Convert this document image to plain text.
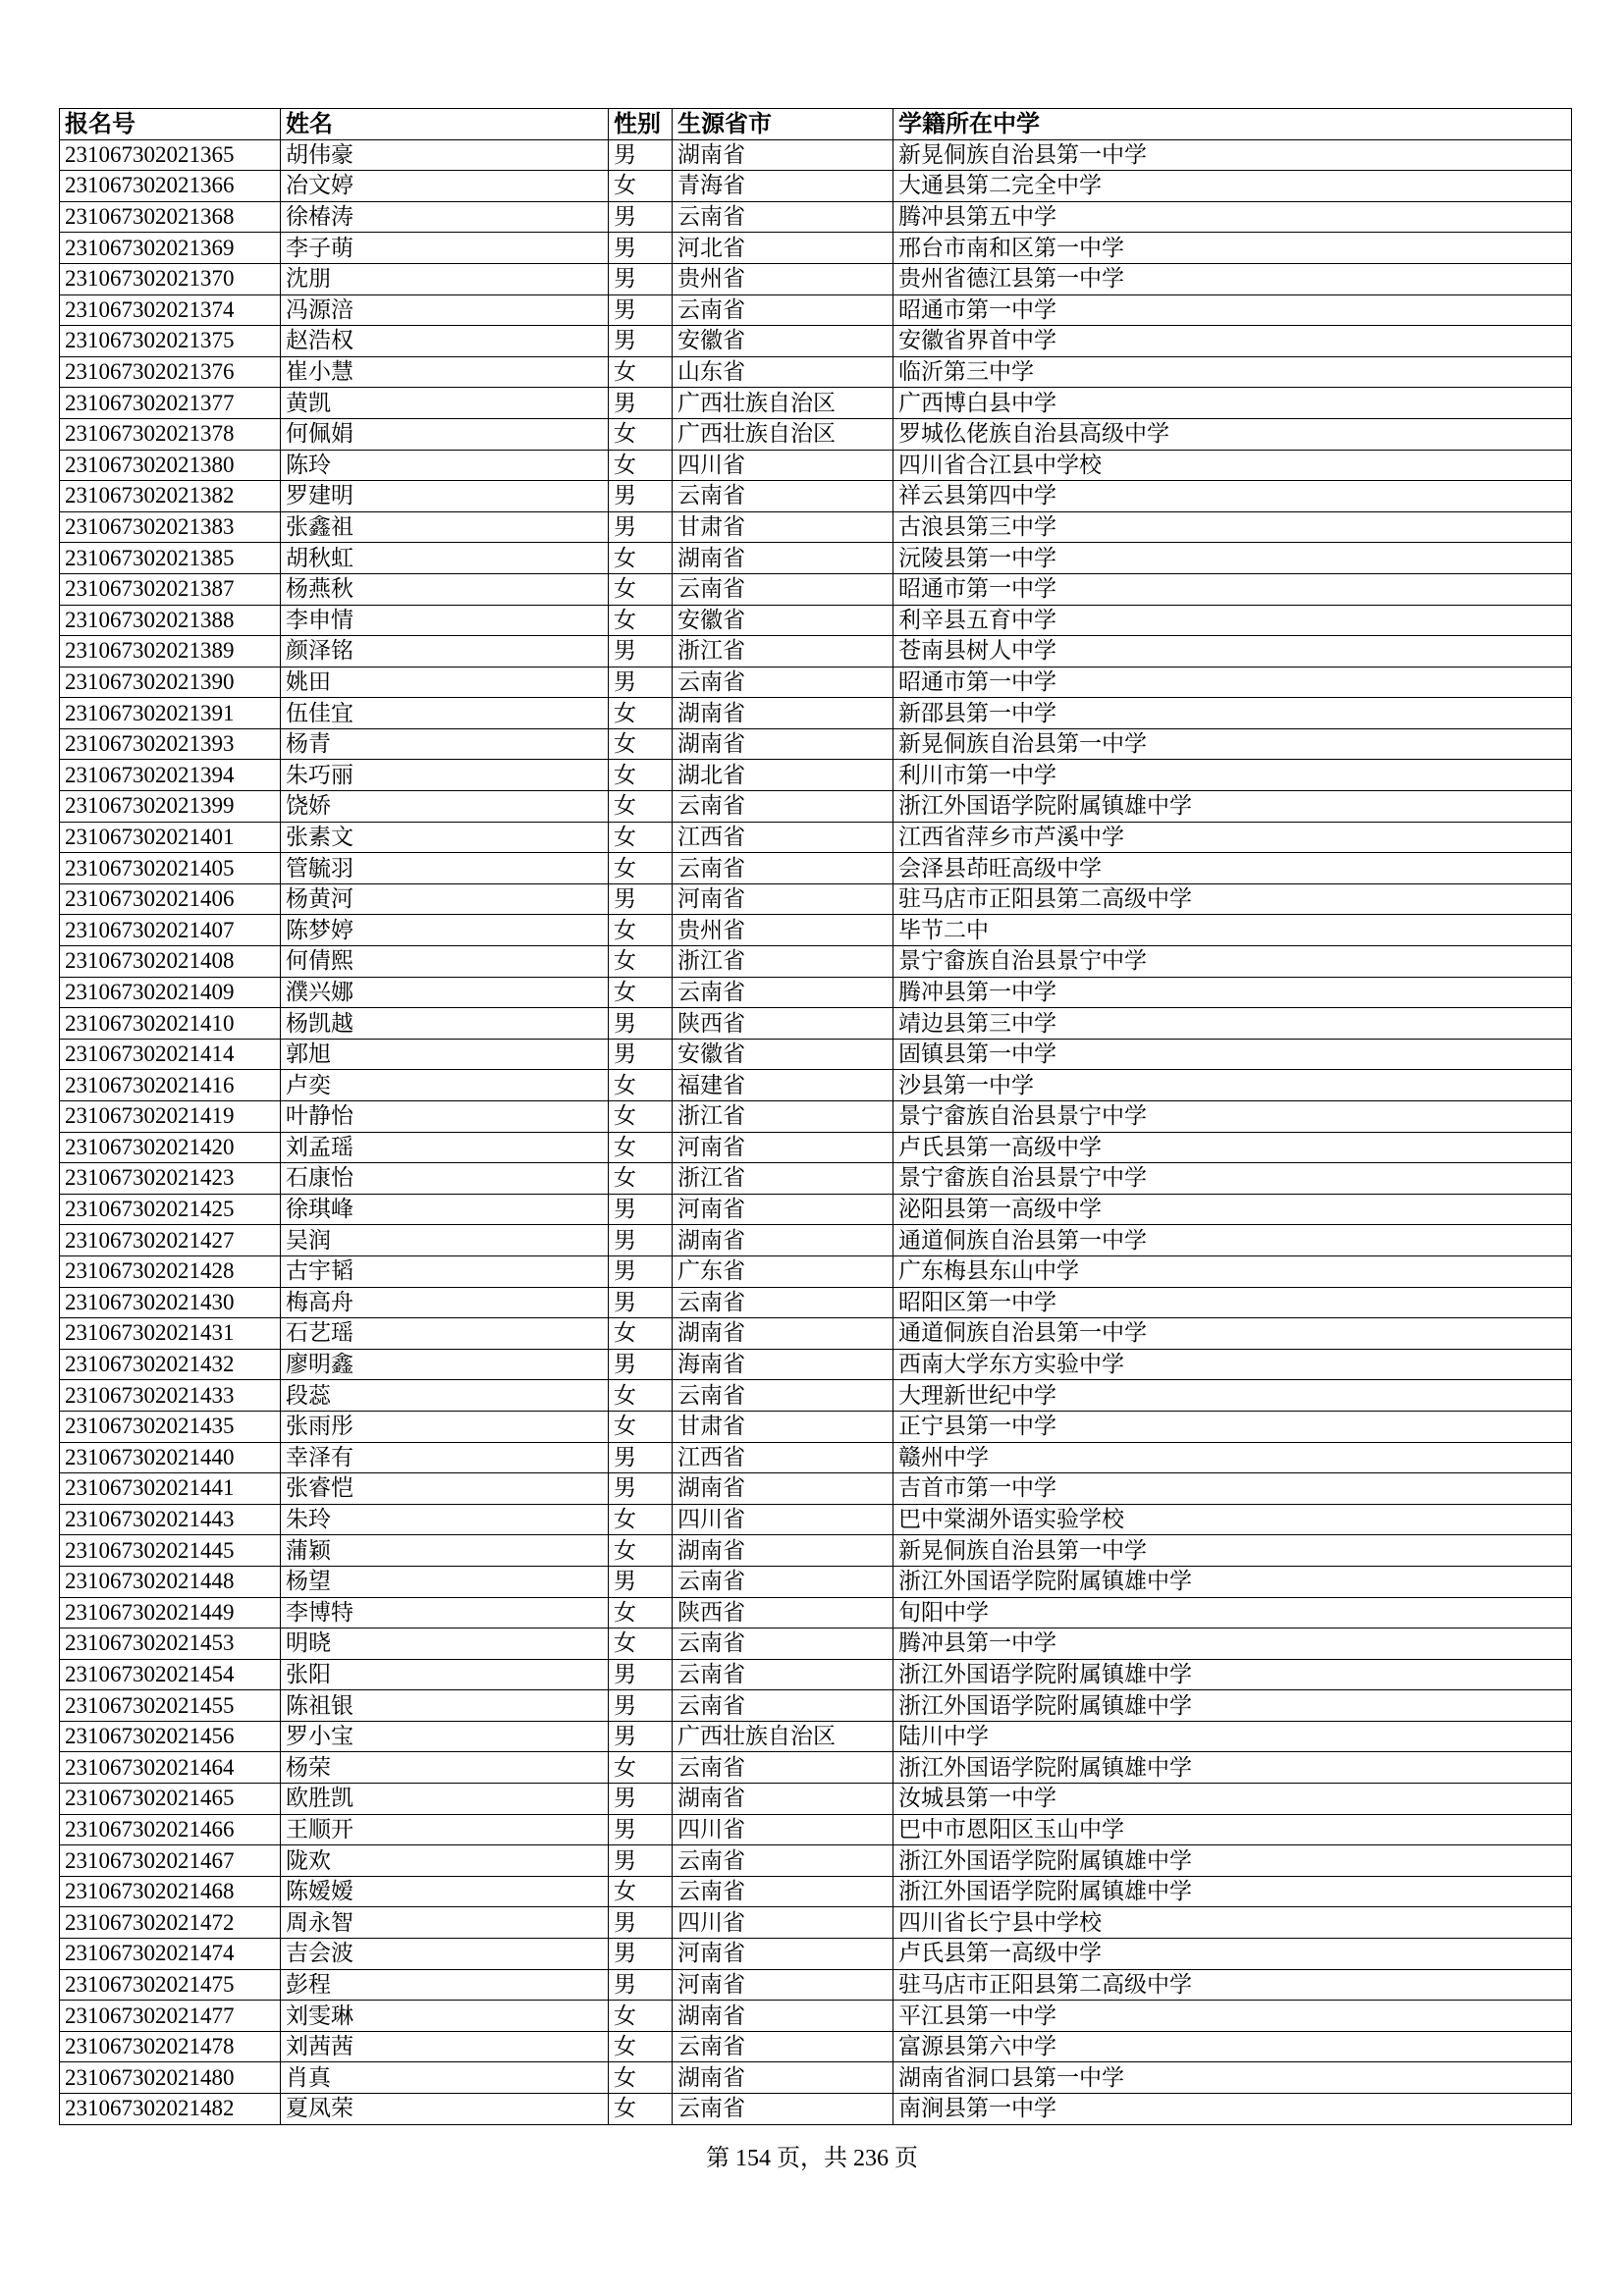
报名号	姓名	性别	生源省市	学籍所在中学
231067302021365	胡伟豪	男	湖南省	新晃侗族自治县第一中学
231067302021366	冶文婷	女	青海省	大通县第二完全中学
231067302021368	徐椿涛	男	云南省	腾冲县第五中学
231067302021369	李子萌	男	河北省	邢台市南和区第一中学
231067302021370	沈朋	男	贵州省	贵州省德江县第一中学
231067302021374	冯源涪	男	云南省	昭通市第一中学
231067302021375	赵浩权	男	安徽省	安徽省界首中学
231067302021376	崔小慧	女	山东省	临沂第三中学
231067302021377	黄凯	男	广西壮族自治区	广西博白县中学
231067302021378	何佩娟	女	广西壮族自治区	罗城仫佬族自治县高级中学
231067302021380	陈玲	女	四川省	四川省合江县中学校
231067302021382	罗建明	男	云南省	祥云县第四中学
231067302021383	张鑫祖	男	甘肃省	古浪县第三中学
231067302021385	胡秋虹	女	湖南省	沅陵县第一中学
231067302021387	杨燕秋	女	云南省	昭通市第一中学
231067302021388	李申情	女	安徽省	利辛县五育中学
231067302021389	颜泽铭	男	浙江省	苍南县树人中学
231067302021390	姚田	男	云南省	昭通市第一中学
231067302021391	伍佳宜	女	湖南省	新邵县第一中学
231067302021393	杨青	女	湖南省	新晃侗族自治县第一中学
231067302021394	朱巧丽	女	湖北省	利川市第一中学
231067302021399	饶娇	女	云南省	浙江外国语学院附属镇雄中学
231067302021401	张素文	女	江西省	江西省萍乡市芦溪中学
231067302021405	管毓羽	女	云南省	会泽县茚旺高级中学
231067302021406	杨黄河	男	河南省	驻马店市正阳县第二高级中学
231067302021407	陈梦婷	女	贵州省	毕节二中
231067302021408	何倩熙	女	浙江省	景宁畲族自治县景宁中学
231067302021409	濮兴娜	女	云南省	腾冲县第一中学
231067302021410	杨凯越	男	陕西省	靖边县第三中学
231067302021414	郭旭	男	安徽省	固镇县第一中学
231067302021416	卢奕	女	福建省	沙县第一中学
231067302021419	叶静怡	女	浙江省	景宁畲族自治县景宁中学
231067302021420	刘孟瑶	女	河南省	卢氏县第一高级中学
231067302021423	石康怡	女	浙江省	景宁畲族自治县景宁中学
231067302021425	徐琪峰	男	河南省	泌阳县第一高级中学
231067302021427	吴润	男	湖南省	通道侗族自治县第一中学
231067302021428	古宇韬	男	广东省	广东梅县东山中学
231067302021430	梅高舟	男	云南省	昭阳区第一中学
231067302021431	石艺瑶	女	湖南省	通道侗族自治县第一中学
231067302021432	廖明鑫	男	海南省	西南大学东方实验中学
231067302021433	段蕊	女	云南省	大理新世纪中学
231067302021435	张雨彤	女	甘肃省	正宁县第一中学
231067302021440	幸泽有	男	江西省	赣州中学
231067302021441	张睿恺	男	湖南省	吉首市第一中学
231067302021443	朱玲	女	四川省	巴中棠湖外语实验学校
231067302021445	蒲颖	女	湖南省	新晃侗族自治县第一中学
231067302021448	杨望	男	云南省	浙江外国语学院附属镇雄中学
231067302021449	李博特	女	陕西省	旬阳中学
231067302021453	明晓	女	云南省	腾冲县第一中学
231067302021454	张阳	男	云南省	浙江外国语学院附属镇雄中学
231067302021455	陈祖银	男	云南省	浙江外国语学院附属镇雄中学
231067302021456	罗小宝	男	广西壮族自治区	陆川中学
231067302021464	杨荣	女	云南省	浙江外国语学院附属镇雄中学
231067302021465	欧胜凯	男	湖南省	汝城县第一中学
231067302021466	王顺开	男	四川省	巴中市恩阳区玉山中学
231067302021467	陇欢	男	云南省	浙江外国语学院附属镇雄中学
231067302021468	陈嫒嫒	女	云南省	浙江外国语学院附属镇雄中学
231067302021472	周永智	男	四川省	四川省长宁县中学校
231067302021474	吉会波	男	河南省	卢氏县第一高级中学
231067302021475	彭程	男	河南省	驻马店市正阳县第二高级中学
231067302021477	刘雯琳	女	湖南省	平江县第一中学
231067302021478	刘茜茜	女	云南省	富源县第六中学
231067302021480	肖真	女	湖南省	湖南省洞口县第一中学
231067302021482	夏凤荣	女	云南省	南涧县第一中学
第 154 页，共 236 页
